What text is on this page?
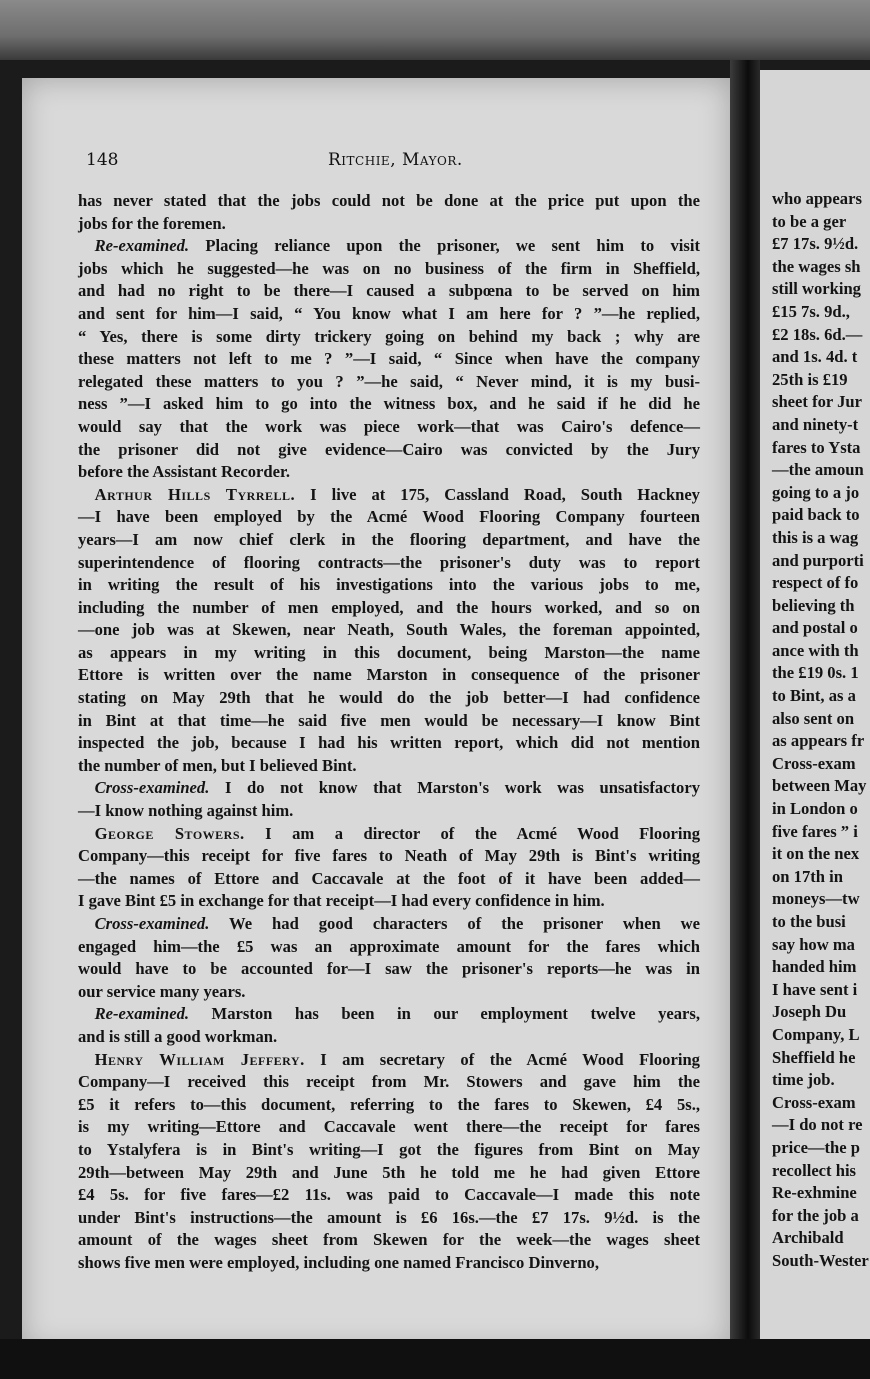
who appears
to be a ger
£7 17s. 9½d.
the wages sh
still working
£15 7s. 9d.,
£2 18s. 6d.—
and 1s. 4d. t
25th is £19
sheet for Jur
and ninety-t
fares to Ysta
—the amoun
going to a jo
paid back to
this is a wag
and purporti
respect of fo
believing th
and postal o
ance with th
the £19 0s. 1
to Bint, as a
also sent on
as appears fr
Cross-exam
between May
in London o
five fares ” i
it on the nex
on 17th in
moneys—tw
to the busi
say how ma
handed him
I have sent i
Joseph Du
Company, L
Sheffield he
time job.
Cross-exam
—I do not re
price—the p
recollect his
Re-exhmine
for the job a
Archibald
South-Wester
148	Ritchie, Mayor.
has never stated that the jobs could not be done at the price put upon the
jobs for the foremen.
 Re-examined. Placing reliance upon the prisoner, we sent him to visit
jobs which he suggested—he was on no business of the firm in Sheffield,
and had no right to be there—I caused a subpœna to be served on him
and sent for him—I said, “ You know what I am here for ? ”—he replied,
“ Yes, there is some dirty trickery going on behind my back ; why are
these matters not left to me ? ”—I said, “ Since when have the company
relegated these matters to you ? ”—he said, “ Never mind, it is my busi-
ness ”—I asked him to go into the witness box, and he said if he did he
would say that the work was piece work—that was Cairo's defence—
the prisoner did not give evidence—Cairo was convicted by the Jury
before the Assistant Recorder.
 Arthur Hills Tyrrell. I live at 175, Cassland Road, South Hackney
—I have been employed by the Acmé Wood Flooring Company fourteen
years—I am now chief clerk in the flooring department, and have the
superintendence of flooring contracts—the prisoner's duty was to report
in writing the result of his investigations into the various jobs to me,
including the number of men employed, and the hours worked, and so on
—one job was at Skewen, near Neath, South Wales, the foreman appointed,
as appears in my writing in this document, being Marston—the name
Ettore is written over the name Marston in consequence of the prisoner
stating on May 29th that he would do the job better—I had confidence
in Bint at that time—he said five men would be necessary—I know Bint
inspected the job, because I had his written report, which did not mention
the number of men, but I believed Bint.
 Cross-examined. I do not know that Marston's work was unsatisfactory
—I know nothing against him.
 George Stowers. I am a director of the Acmé Wood Flooring
Company—this receipt for five fares to Neath of May 29th is Bint's writing
—the names of Ettore and Caccavale at the foot of it have been added—
I gave Bint £5 in exchange for that receipt—I had every confidence in him.
 Cross-examined. We had good characters of the prisoner when we
engaged him—the £5 was an approximate amount for the fares which
would have to be accounted for—I saw the prisoner's reports—he was in
our service many years.
 Re-examined. Marston has been in our employment twelve years,
and is still a good workman.
 Henry William Jeffery. I am secretary of the Acmé Wood Flooring
Company—I received this receipt from Mr. Stowers and gave him the
£5 it refers to—this document, referring to the fares to Skewen, £4 5s.,
is my writing—Ettore and Caccavale went there—the receipt for fares
to Ystalyfera is in Bint's writing—I got the figures from Bint on May
29th—between May 29th and June 5th he told me he had given Ettore
£4 5s. for five fares—£2 11s. was paid to Caccavale—I made this note
under Bint's instructions—the amount is £6 16s.—the £7 17s. 9½d. is the
amount of the wages sheet from Skewen for the week—the wages sheet
shows five men were employed, including one named Francisco Dinverno,
